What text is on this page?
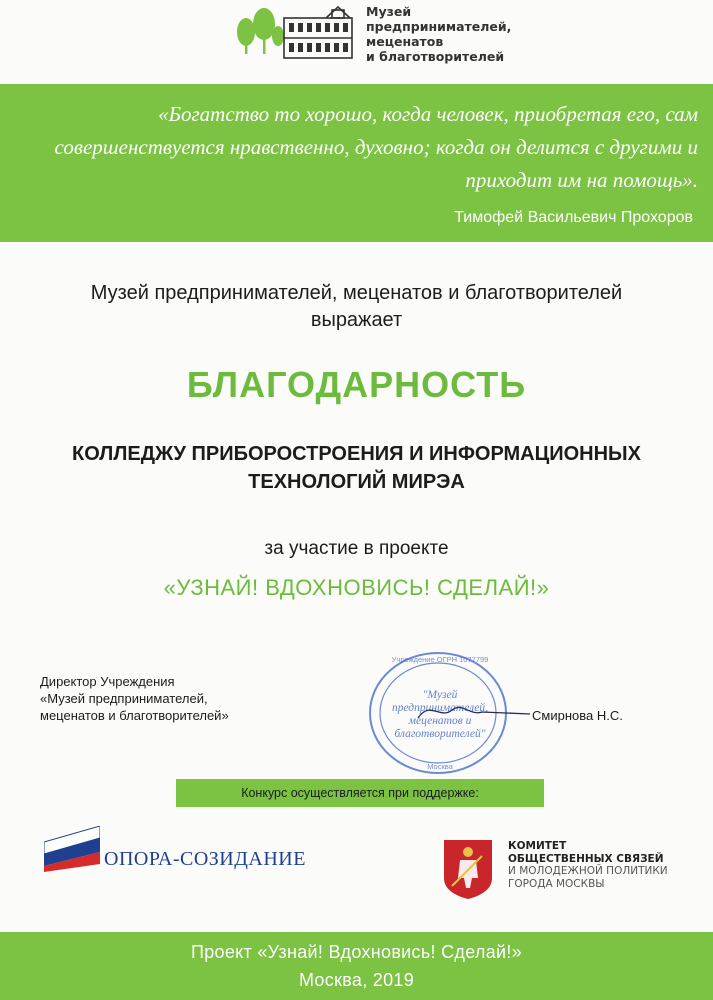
Музей
предпринимателей,
меценатов
и благотворителей
«Богатство то хорошо, когда человек, приобретая его, сам совершенствуется нравственно, духовно; когда он делится с другими и приходит им на помощь».
Тимофей Васильевич Прохоров
Музей предпринимателей, меценатов и благотворителей
выражает
БЛАГОДАРНОСТЬ
КОЛЛЕДЖУ ПРИБОРОСТРОЕНИЯ И ИНФОРМАЦИОННЫХ
ТЕХНОЛОГИЙ МИРЭА
за участие в проекте
«УЗНАЙ! ВДОХНОВИСЬ! СДЕЛАЙ!»
Директор Учреждения
«Музей предпринимателей,
меценатов и благотворителей»
"Музей
предпринимателей,
меценатов и
благотворителей"
Учреждение ОГРН 1077799
Москва
Смирнова Н.С.
Конкурс осуществляется при поддержке:
ОПОРА-СОЗИДАНИЕ
КОМИТЕТ
ОБЩЕСТВЕННЫХ СВЯЗЕЙ
И МОЛОДЕЖНОЙ ПОЛИТИКИ
ГОРОДА МОСКВЫ
Проект «Узнай! Вдохновись! Сделай!»
Москва, 2019
